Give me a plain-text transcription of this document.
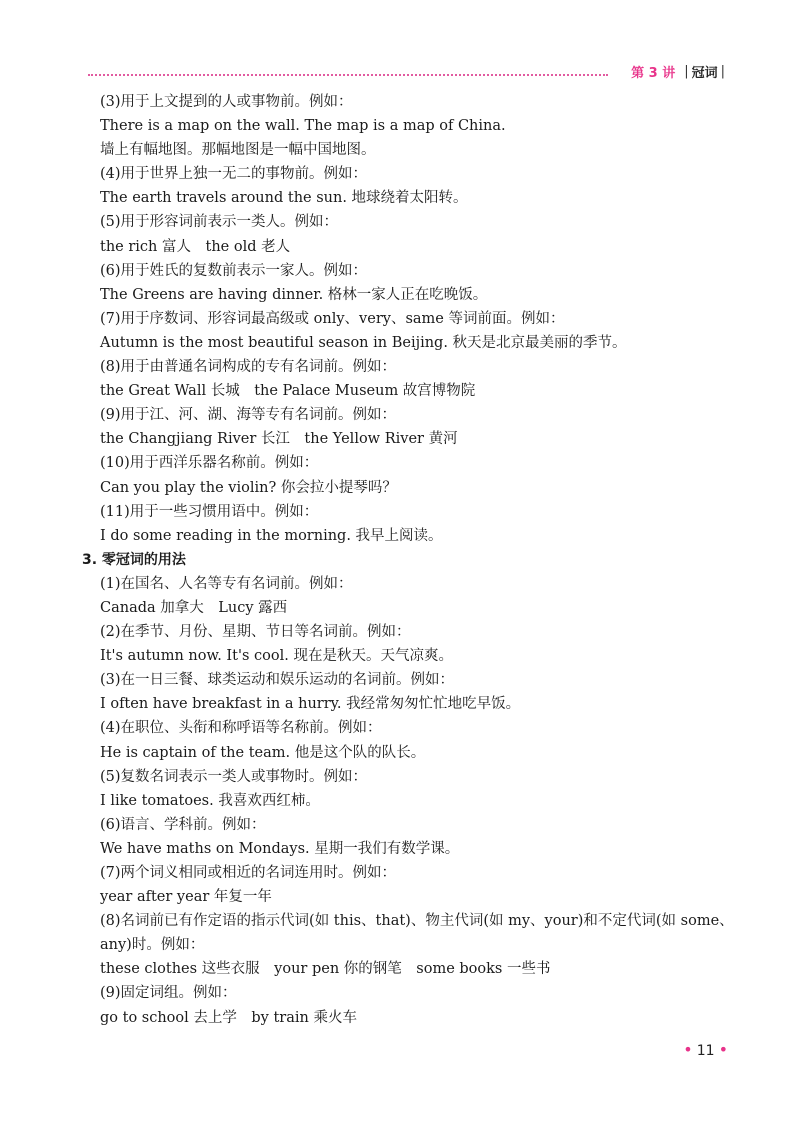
第 3 讲 | 冠词 |
(3)用于上文提到的人或事物前。例如：
There is a map on the wall. The map is a map of China.
墙上有幅地图。那幅地图是一幅中国地图。
(4)用于世界上独一无二的事物前。例如：
The earth travels around the sun. 地球绕着太阳转。
(5)用于形容词前表示一类人。例如：
the rich 富人　the old 老人
(6)用于姓氏的复数前表示一家人。例如：
The Greens are having dinner. 格林一家人正在吃晚饭。
(7)用于序数词、形容词最高级或 only、very、same 等词前面。例如：
Autumn is the most beautiful season in Beijing. 秋天是北京最美丽的季节。
(8)用于由普通名词构成的专有名词前。例如：
the Great Wall 长城　the Palace Museum 故宫博物院
(9)用于江、河、湖、海等专有名词前。例如：
the Changjiang River 长江　the Yellow River 黄河
(10)用于西洋乐器名称前。例如：
Can you play the violin? 你会拉小提琴吗？
(11)用于一些习惯用语中。例如：
I do some reading in the morning. 我早上阅读。
3. 零冠词的用法
(1)在国名、人名等专有名词前。例如：
Canada 加拿大　Lucy 露西
(2)在季节、月份、星期、节日等名词前。例如：
It's autumn now. It's cool. 现在是秋天。天气凉爽。
(3)在一日三餐、球类运动和娱乐运动的名词前。例如：
I often have breakfast in a hurry. 我经常匆匆忙忙地吃早饭。
(4)在职位、头衔和称呼语等名称前。例如：
He is captain of the team. 他是这个队的队长。
(5)复数名词表示一类人或事物时。例如：
I like tomatoes. 我喜欢西红柿。
(6)语言、学科前。例如：
We have maths on Mondays. 星期一我们有数学课。
(7)两个词义相同或相近的名词连用时。例如：
year after year 年复一年
(8)名词前已有作定语的指示代词(如 this、that)、物主代词(如 my、your)和不定代词(如 some、any)时。例如：
these clothes 这些衣服　your pen 你的钢笔　some books 一些书
(9)固定词组。例如：
go to school 去上学　by train 乘火车
• 11 •
